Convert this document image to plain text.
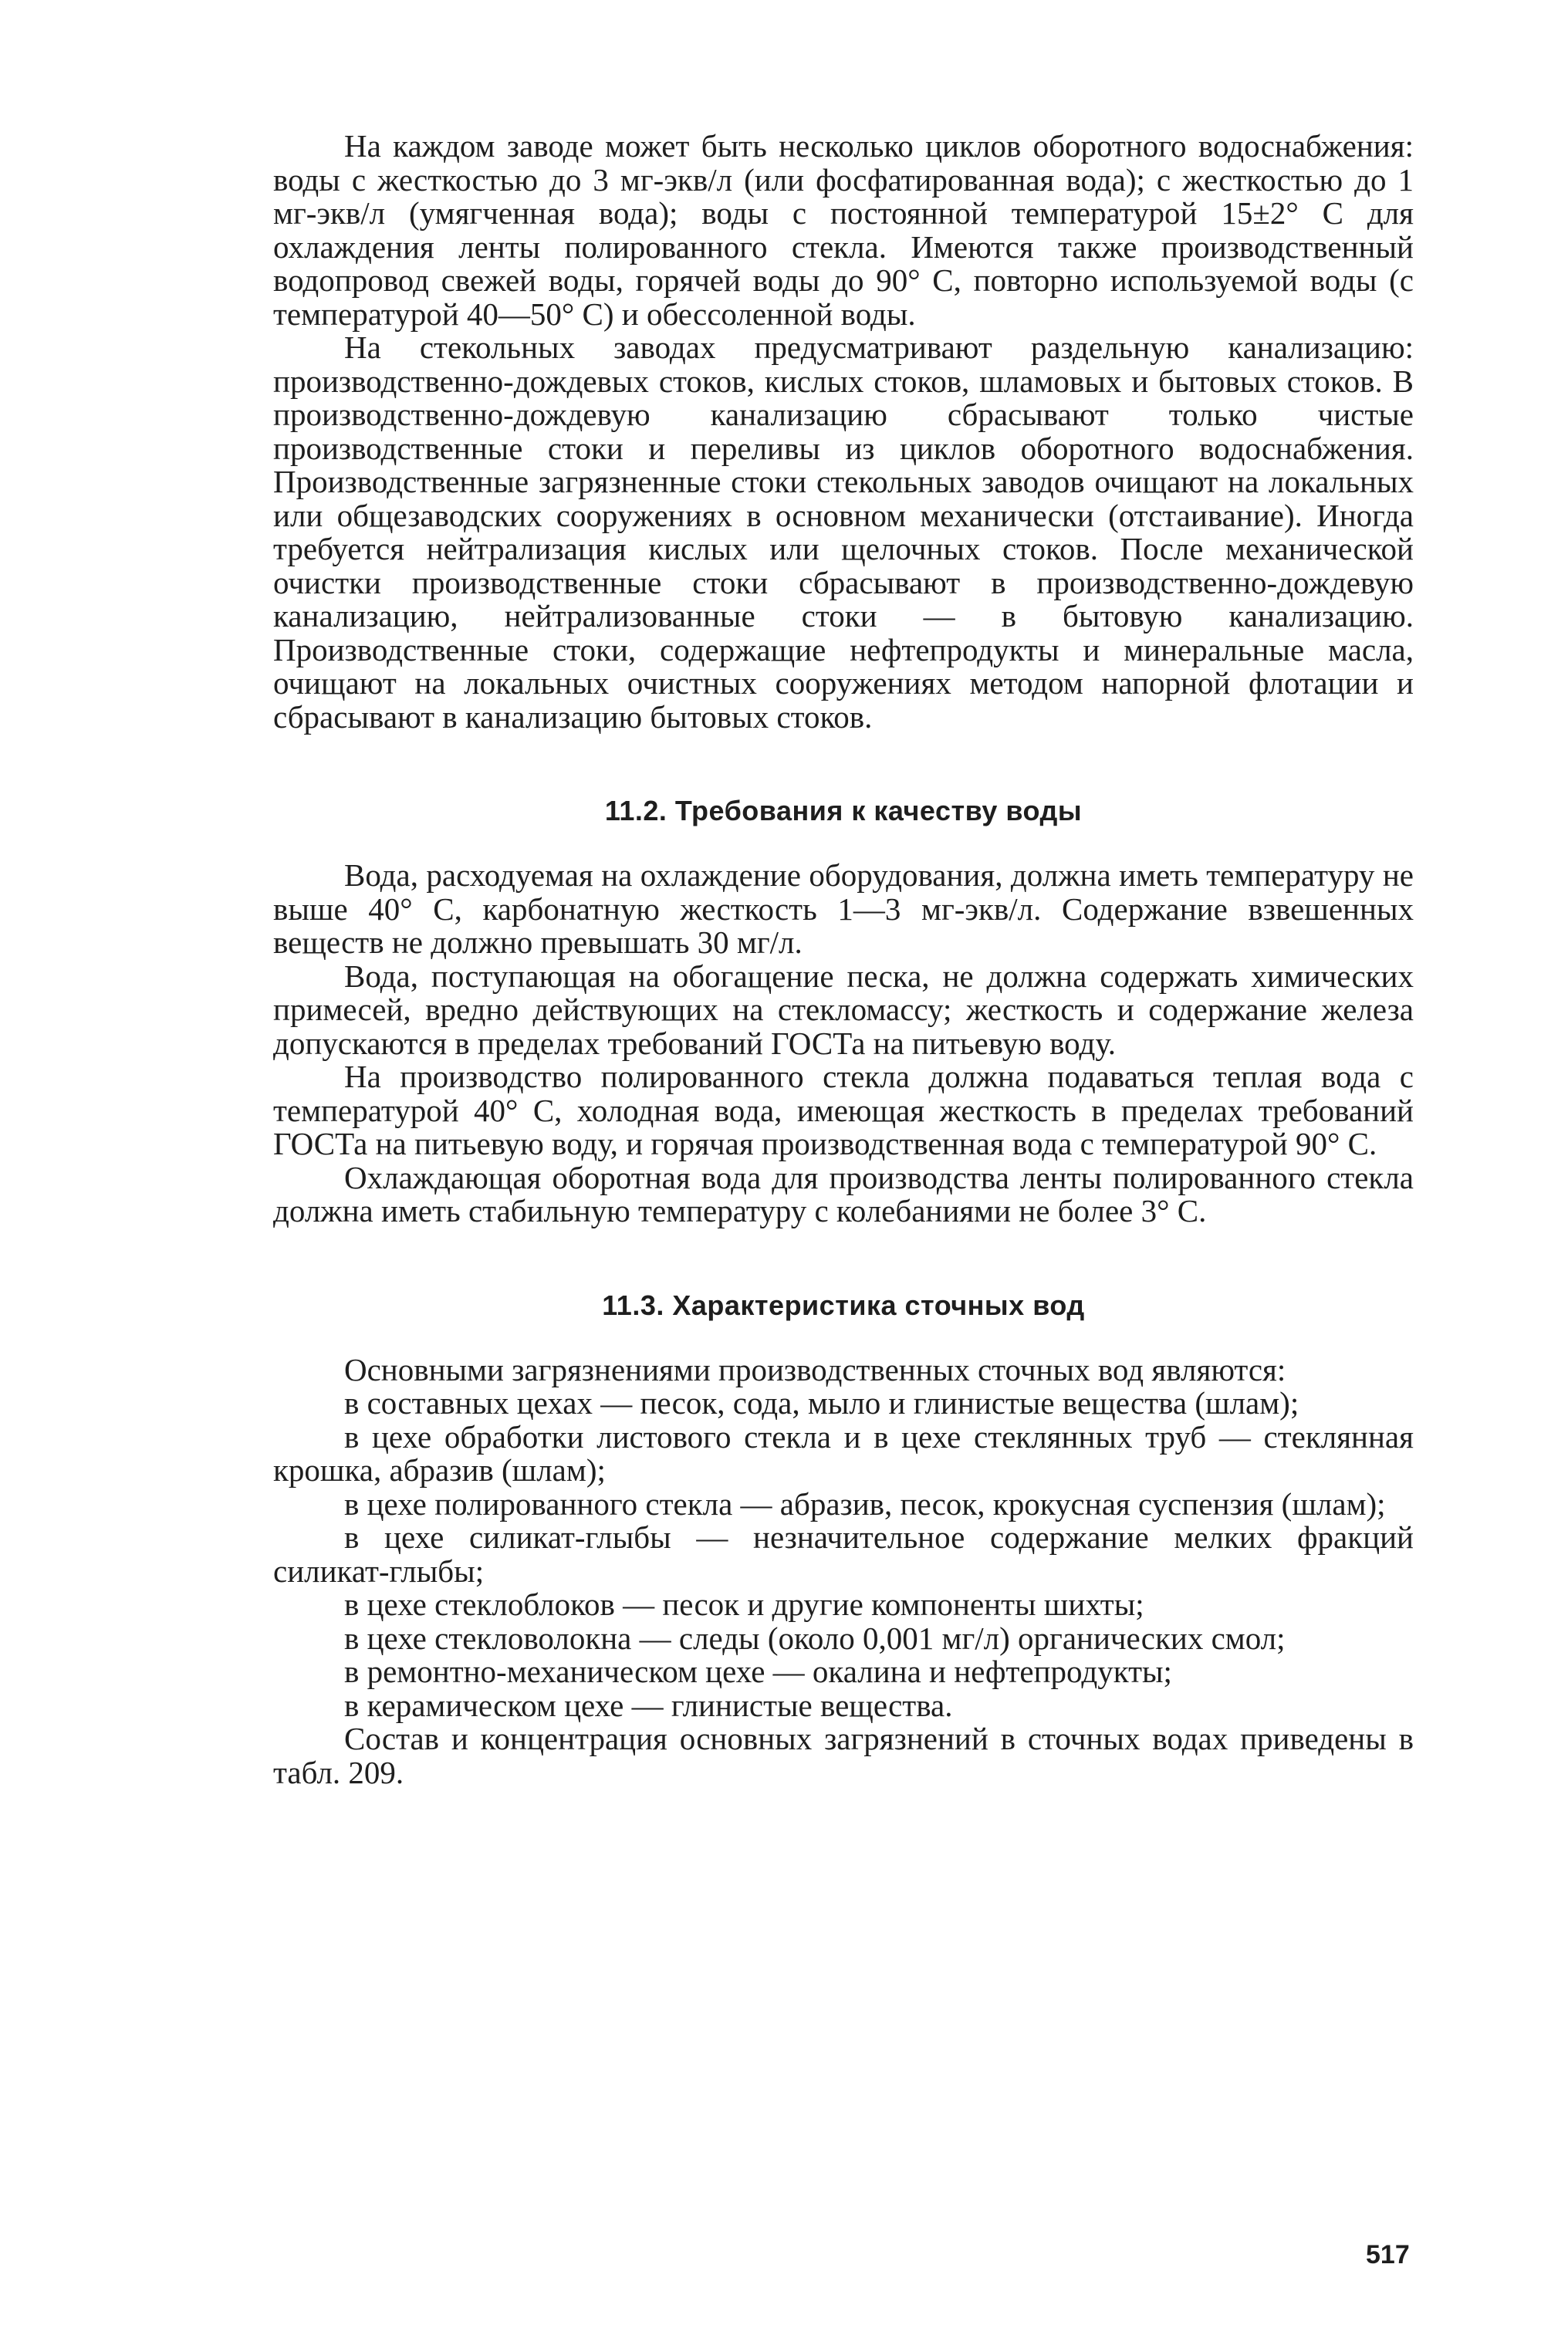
На каждом заводе может быть несколько циклов оборотного водоснабжения: воды с жесткостью до 3 мг-экв/л (или фосфатированная вода); с жесткостью до 1 мг-экв/л (умягченная вода); воды с постоянной температурой 15±2° С для охлаждения ленты полированного стекла. Имеются также производственный водопровод свежей воды, горячей воды до 90° С, повторно используемой воды (с температурой 40—50° С) и обессоленной воды.

На стекольных заводах предусматривают раздельную канализацию: производственно-дождевых стоков, кислых стоков, шламовых и бытовых стоков. В производственно-дождевую канализацию сбрасывают только чистые производственные стоки и переливы из циклов оборотного водоснабжения. Производственные загрязненные стоки стекольных заводов очищают на локальных или общезаводских сооружениях в основном механически (отстаивание). Иногда требуется нейтрализация кислых или щелочных стоков. После механической очистки производственные стоки сбрасывают в производственно-дождевую канализацию, нейтрализованные стоки — в бытовую канализацию. Производственные стоки, содержащие нефтепродукты и минеральные масла, очищают на локальных очистных сооружениях методом напорной флотации и сбрасывают в канализацию бытовых стоков.

11.2. Требования к качеству воды

Вода, расходуемая на охлаждение оборудования, должна иметь температуру не выше 40° С, карбонатную жесткость 1—3 мг-экв/л. Содержание взвешенных веществ не должно превышать 30 мг/л.

Вода, поступающая на обогащение песка, не должна содержать химических примесей, вредно действующих на стекломассу; жесткость и содержание железа допускаются в пределах требований ГОСТа на питьевую воду.

На производство полированного стекла должна подаваться теплая вода с температурой 40° С, холодная вода, имеющая жесткость в пределах требований ГОСТа на питьевую воду, и горячая производственная вода с температурой 90° С.

Охлаждающая оборотная вода для производства ленты полированного стекла должна иметь стабильную температуру с колебаниями не более 3° С.

11.3. Характеристика сточных вод

Основными загрязнениями производственных сточных вод являются:

в составных цехах — песок, сода, мыло и глинистые вещества (шлам);

в цехе обработки листового стекла и в цехе стеклянных труб — стеклянная крошка, абразив (шлам);

в цехе полированного стекла — абразив, песок, крокусная суспензия (шлам);

в цехе силикат-глыбы — незначительное содержание мелких фракций силикат-глыбы;

в цехе стеклоблоков — песок и другие компоненты шихты;

в цехе стекловолокна — следы (около 0,001 мг/л) органических смол;

в ремонтно-механическом цехе — окалина и нефтепродукты;

в керамическом цехе — глинистые вещества.

Состав и концентрация основных загрязнений в сточных водах приведены в табл. 209.

517
